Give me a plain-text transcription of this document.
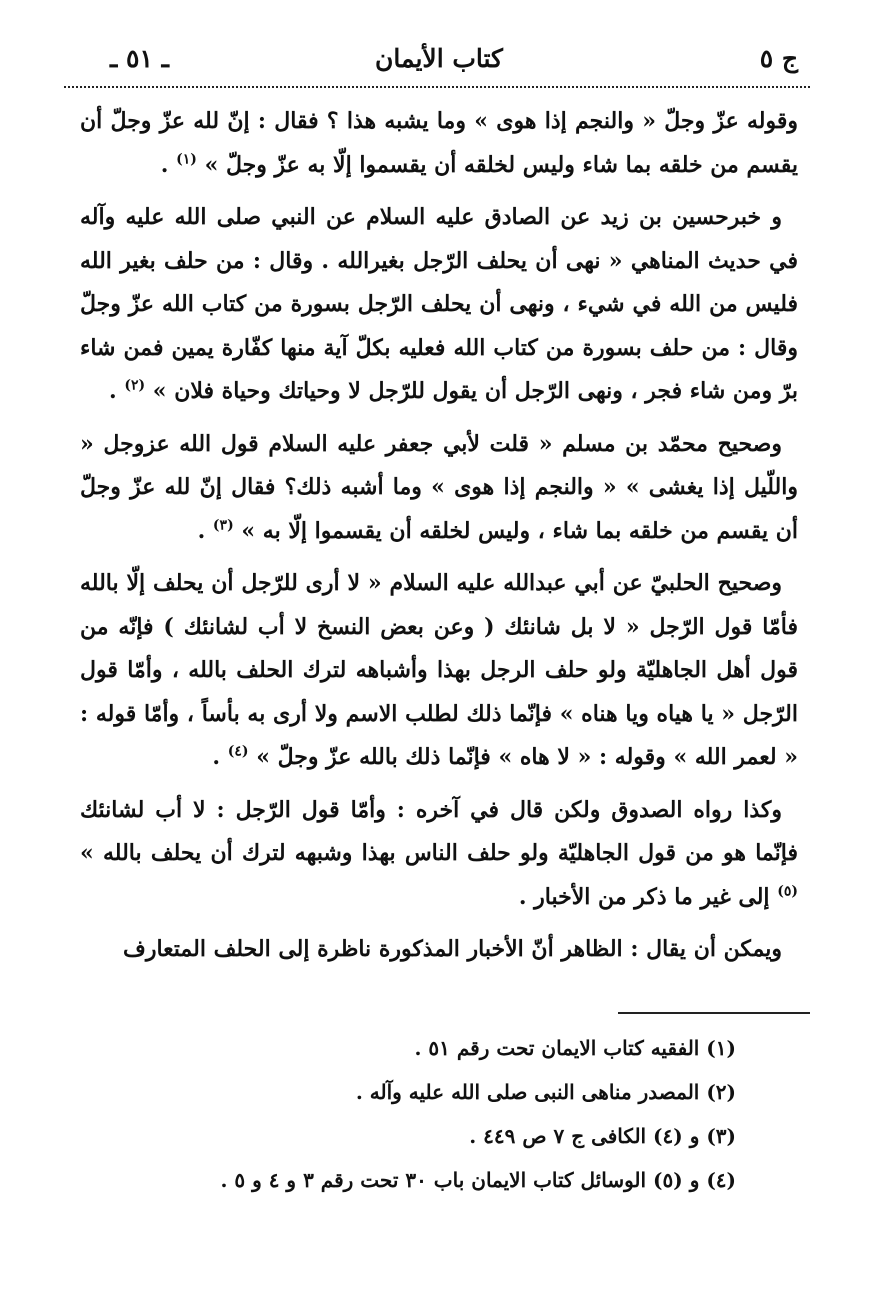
ـ ٥١ ـ	كتاب الأيمان	ج ٥

وقوله عزّ وجلّ « والنجم إذا هوى » وما يشبه هذا ؟ فقال : إنّ لله عزّ وجلّ أن يقسم من خلقه بما شاء وليس لخلقه أن يقسموا إلّا به عزّ وجلّ » $^{(١)}$ .

و خبرحسين بن زيد عن الصادق عليه السلام عن النبي صلى الله عليه وآله في حديث المناهي « نهى أن يحلف الرّجل بغيرالله . وقال : من حلف بغير الله فليس من الله في شيء ، ونهى أن يحلف الرّجل بسورة من كتاب الله عزّ وجلّ وقال : من حلف بسورة من كتاب الله فعليه بكلّ آية منها كفّارة يمين فمن شاء برّ ومن شاء فجر ، ونهى الرّجل أن يقول للرّجل لا وحياتك وحياة فلان » $^{(٢)}$ .

وصحيح محمّد بن مسلم « قلت لأبي جعفر عليه السلام قول الله عزوجل « واللّيل إذا يغشى » « والنجم إذا هوى » وما أشبه ذلك؟ فقال إنّ لله عزّ وجلّ أن يقسم من خلقه بما شاء ، وليس لخلقه أن يقسموا إلّا به » $^{(٣)}$ .

وصحيح الحلبيّ عن أبي عبدالله عليه السلام « لا أرى للرّجل أن يحلف إلّا بالله فأمّا قول الرّجل « لا بل شانئك ( وعن بعض النسخ لا أب لشانئك ) فإنّه من قول أهل الجاهليّة ولو حلف الرجل بهذا وأشباهه لترك الحلف بالله ، وأمّا قول الرّجل « يا هياه ويا هناه » فإنّما ذلك لطلب الاسم ولا أرى به بأساً ، وأمّا قوله : « لعمر الله » وقوله : « لا هاه » فإنّما ذلك بالله عزّ وجلّ » $^{(٤)}$ .

وكذا رواه الصدوق ولكن قال في آخره : وأمّا قول الرّجل : لا أب لشانئك فإنّما هو من قول الجاهليّة ولو حلف الناس بهذا وشبهه لترك أن يحلف بالله » $^{(٥)}$ إلى غير ما ذكر من الأخبار .

ويمكن أن يقال : الظاهر أنّ الأخبار المذكورة ناظرة إلى الحلف المتعارف

(١) الفقيه كتاب الايمان تحت رقم ٥١ .
(٢) المصدر مناهى النبى صلى الله عليه وآله .
(٣) و (٤) الكافى ج ٧ ص ٤٤٩ .
(٤) و (٥) الوسائل كتاب الايمان باب ٣٠ تحت رقم ٣ و ٤ و ٥ .
